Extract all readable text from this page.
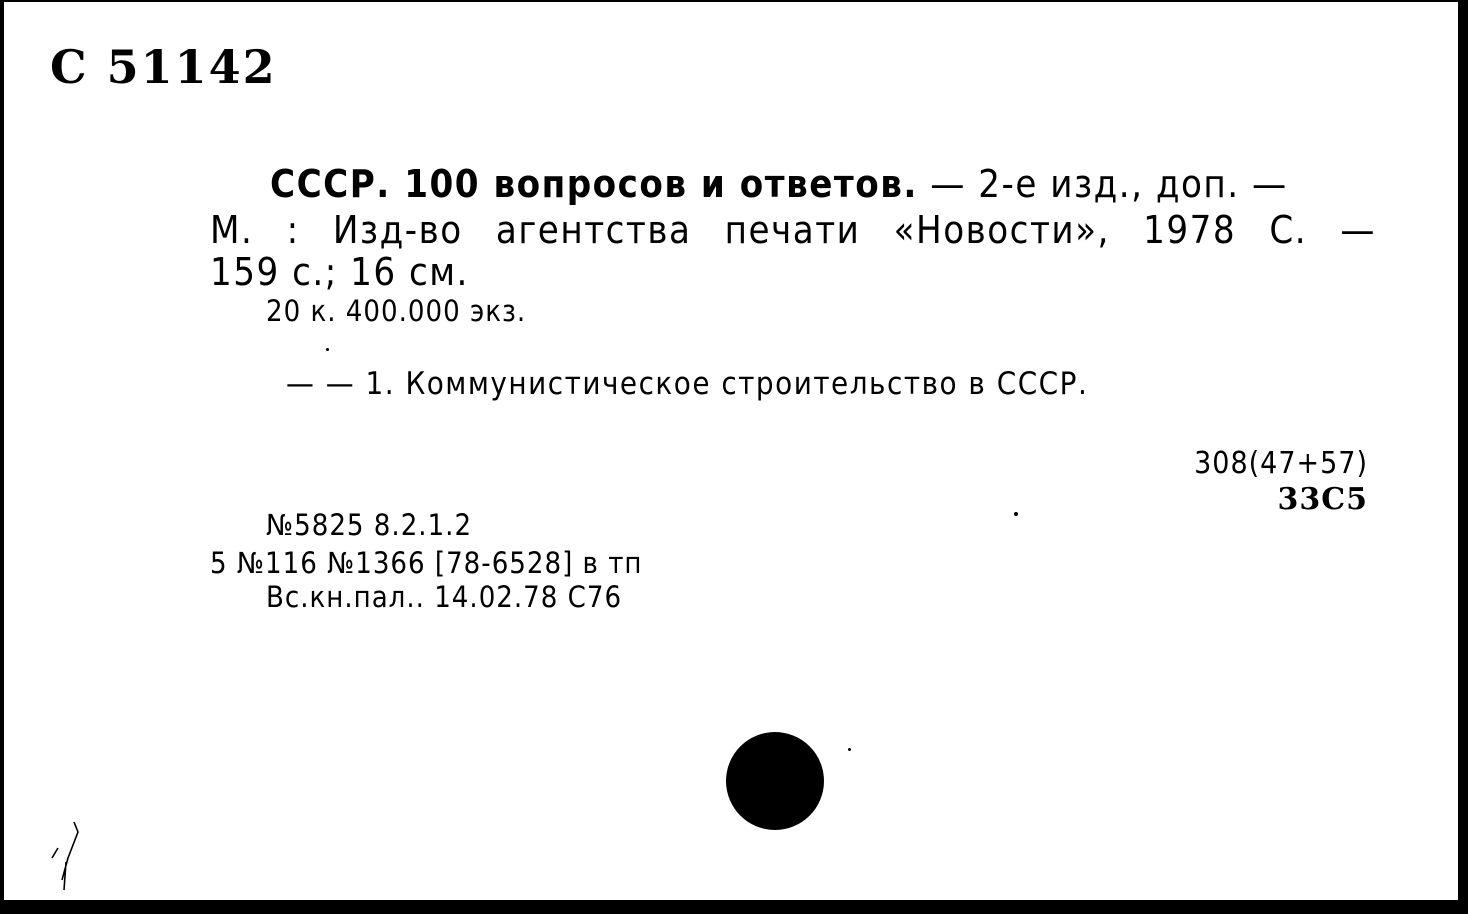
С 51142
СССР. 100 вопросов и ответов. — 2-е изд., доп. —
М. : Изд-во агентства печати «Новости», 1978 С. —
159 с.; 16 см.
20 к. 400.000 экз.
— — 1. Коммунистическое строительство в СССР.
308(47+57)
33С5
№5825 8.2.1.2
5 №116 №1366 [78-6528] в тп
Вс.кн.пал.. 14.02.78 С76
